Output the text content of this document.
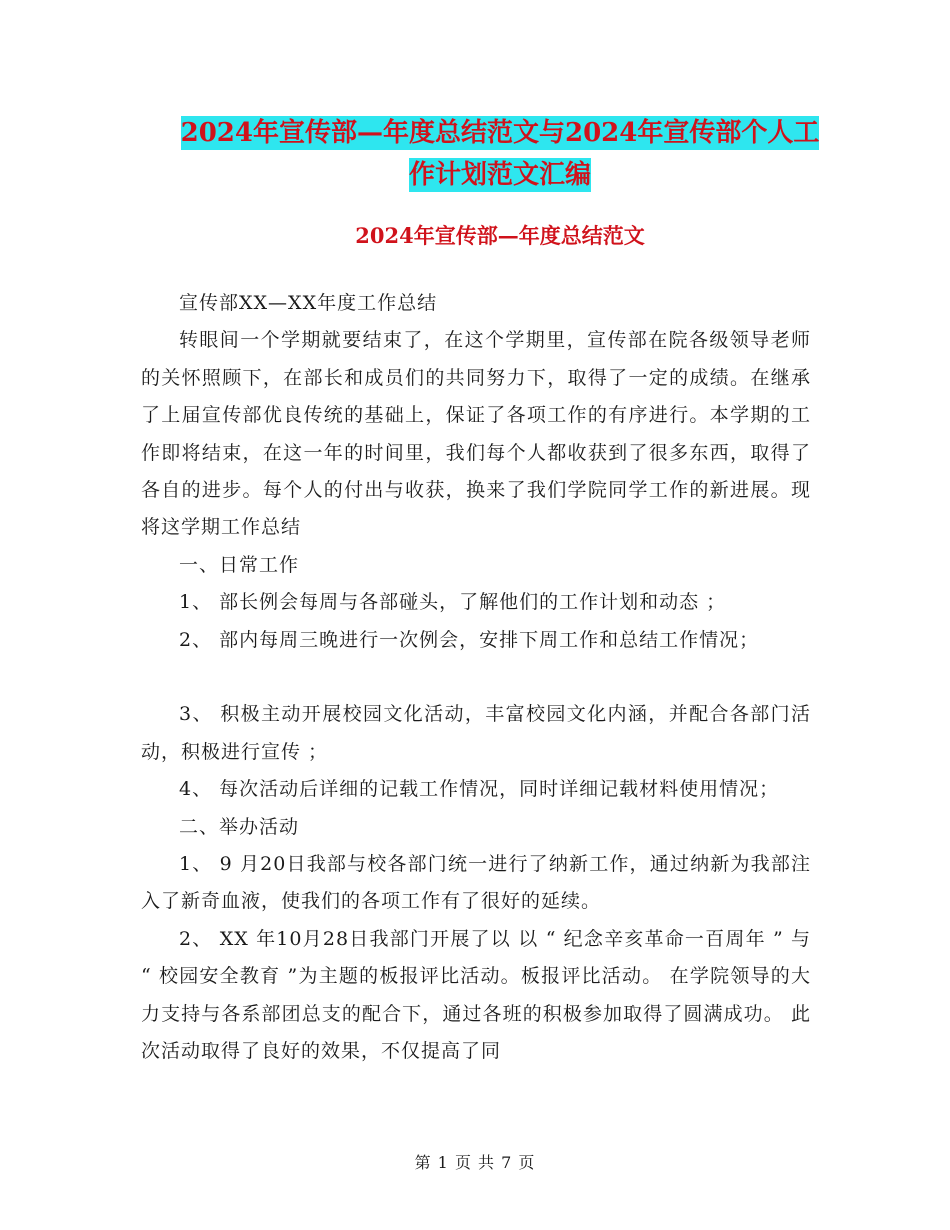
2024年宣传部—年度总结范文与2024年宣传部个人工
作计划范文汇编
2024年宣传部—年度总结范文

宣传部XX—XX年度工作总结

转眼间一个学期就要结束了，在这个学期里，宣传部在院各级领导老师的关怀照顾下，在部长和成员们的共同努力下，取得了一定的成绩。在继承了上届宣传部优良传统的基础上，保证了各项工作的有序进行。本学期的工作即将结束，在这一年的时间里，我们每个人都收获到了很多东西，取得了各自的进步。每个人的付出与收获，换来了我们学院同学工作的新进展。现将这学期工作总结

一、日常工作

1、 部长例会每周与各部碰头，了解他们的工作计划和动态 ；

2、 部内每周三晚进行一次例会，安排下周工作和总结工作情况；

3、 积极主动开展校园文化活动，丰富校园文化内涵，并配合各部门活动，积极进行宣传 ；

4、 每次活动后详细的记载工作情况，同时详细记载材料使用情况；

二、举办活动

1、 9 月20日我部与校各部门统一进行了纳新工作，通过纳新为我部注入了新奇血液，使我们的各项工作有了很好的延续。

2、 XX 年10月28日我部门开展了以 以 “ 纪念辛亥革命一百周年 ” 与 “ 校园安全教育 ”为主题的板报评比活动。板报评比活动。 在学院领导的大力支持与各系部团总支的配合下，通过各班的积极参加取得了圆满成功。 此次活动取得了良好的效果，不仅提高了同

第 1 页 共 7 页
